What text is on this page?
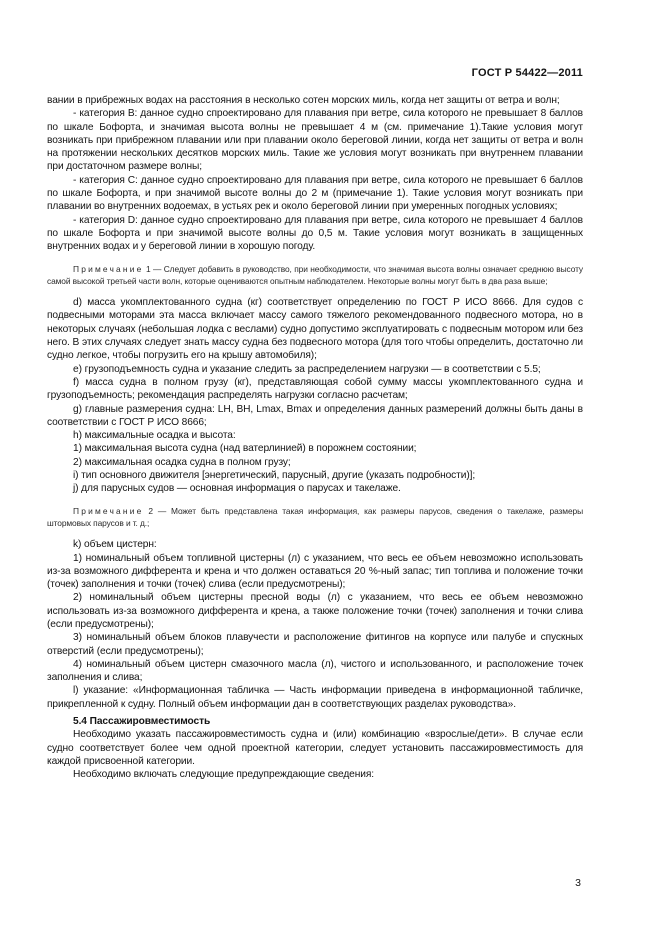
ГОСТ Р 54422—2011

вании в прибрежных водах на расстояния в несколько сотен морских миль, когда нет защиты от ветра и волн;

- категория B: данное судно спроектировано для плавания при ветре, сила которого не превышает 8 баллов по шкале Бофорта, и значимая высота волны не превышает 4 м (см. примечание 1).Такие условия могут возникать при прибрежном плавании или при плавании около береговой линии, когда нет защиты от ветра и волн на протяжении нескольких десятков морских миль. Такие же условия могут возникать при внутреннем плавании при достаточном размере волны;

- категория C: данное судно спроектировано для плавания при ветре, сила которого не превышает 6 баллов по шкале Бофорта, и при значимой высоте волны до 2 м (примечание 1). Такие условия могут возникать при плавании во внутренних водоемах, в устьях рек и около береговой линии при умеренных погодных условиях;

- категория D: данное судно спроектировано для плавания при ветре, сила которого не превышает 4 баллов по шкале Бофорта и при значимой высоте волны до 0,5 м. Такие условия могут возникать в защищенных внутренних водах и у береговой линии в хорошую погоду.

Примечание 1 — Следует добавить в руководство, при необходимости, что значимая высота волны означает среднюю высоту самой высокой третьей части волн, которые оцениваются опытным наблюдателем. Некоторые волны могут быть в два раза выше;

d) масса укомплектованного судна (кг) соответствует определению по ГОСТ Р ИСО 8666. Для судов с подвесными моторами эта масса включает массу самого тяжелого рекомендованного подвесного мотора, но в некоторых случаях (небольшая лодка с веслами) судно допустимо эксплуатировать с подвесным мотором или без него. В этих случаях следует знать массу судна без подвесного мотора (для того чтобы определить, достаточно ли судно легкое, чтобы погрузить его на крышу автомобиля);

e) грузоподъемность судна и указание следить за распределением нагрузки — в соответствии с 5.5;

f) масса судна в полном грузу (кг), представляющая собой сумму массы укомплектованного судна и грузоподъемность; рекомендация распределять нагрузки согласно расчетам;

g) главные размерения судна: LH, BH, Lmax, Bmax и определения данных размерений должны быть даны в соответствии с ГОСТ Р ИСО 8666;

h) максимальные осадка и высота:

1) максимальная высота судна (над ватерлинией) в порожнем состоянии;

2) максимальная осадка судна в полном грузу;

i) тип основного движителя [энергетический, парусный, другие (указать подробности)];

j) для парусных судов — основная информация о парусах и такелаже.

Примечание 2 — Может быть представлена такая информация, как размеры парусов, сведения о такелаже, размеры штормовых парусов и т. д.;

k) объем цистерн:

1) номинальный объем топливной цистерны (л) с указанием, что весь ее объем невозможно использовать из-за возможного дифферента и крена и что должен оставаться 20 %-ный запас; тип топлива и положение точки (точек) заполнения и точки (точек) слива (если предусмотрены);

2) номинальный объем цистерны пресной воды (л) с указанием, что весь ее объем невозможно использовать из-за возможного дифферента и крена, а также положение точки (точек) заполнения и точки слива (если предусмотрены);

3) номинальный объем блоков плавучести и расположение фитингов на корпусе или палубе и спускных отверстий (если предусмотрены);

4) номинальный объем цистерн смазочного масла (л), чистого и использованного, и расположение точек заполнения и слива;

l) указание: «Информационная табличка — Часть информации приведена в информационной табличке, прикрепленной к судну. Полный объем информации дан в соответствующих разделах руководства».

5.4 Пассажировместимость

Необходимо указать пассажировместимость судна и (или) комбинацию «взрослые/дети». В случае если судно соответствует более чем одной проектной категории, следует установить пассажировместимость для каждой присвоенной категории.

Необходимо включать следующие предупреждающие сведения:

3
